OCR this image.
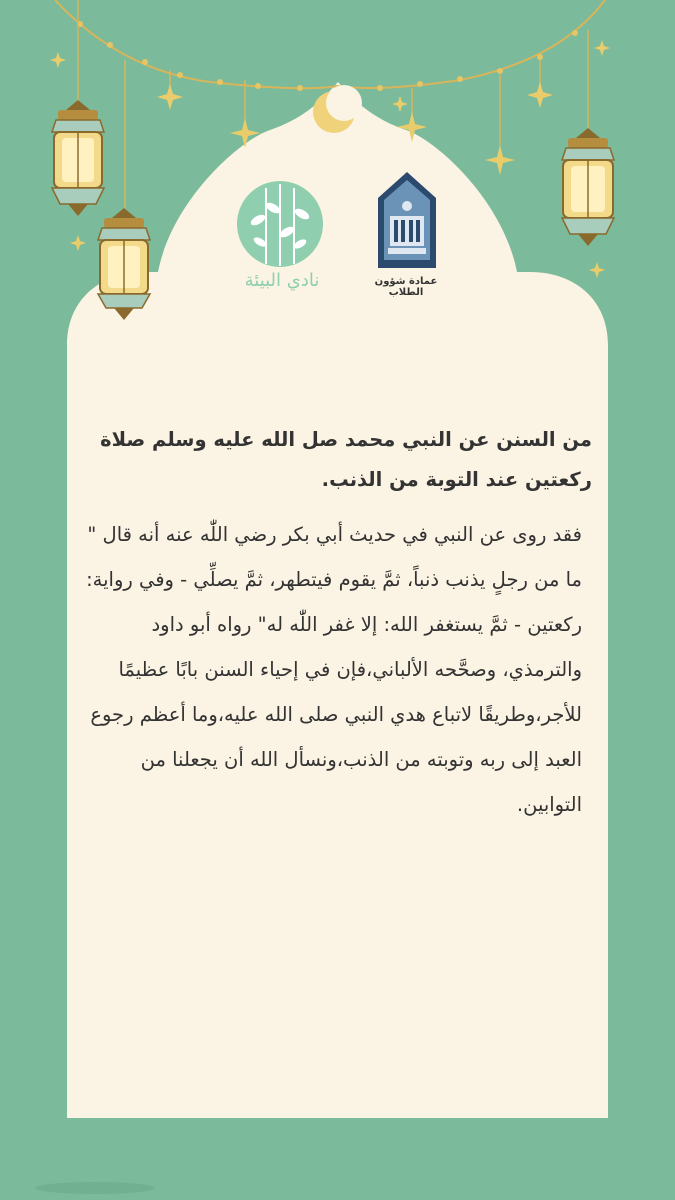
نادي البيئة	عمادة شؤون الطلاب

من السنن عن النبي محمد صل الله عليه وسلم صلاة ركعتين عند التوبة من الذنب.

فقد روى عن النبي في حديث أبي بكر رضي اللّٰه عنه أنه قال " ما من رجلٍ يذنب ذنباً، ثمَّ يقوم فيتطهر، ثمَّ يصلِّي - وفي رواية: ركعتين - ثمَّ يستغفر الله: إلا غفر اللّٰه له" رواه أبو داود والترمذي، وصحَّحه الألباني،فإن في إحياء السنن بابًا عظيمًا للأجر،وطريقًا لاتباع هدي النبي صلى الله عليه،وما أعظم رجوع العبد إلى ربه وتوبته من الذنب،ونسأل الله أن يجعلنا من التوابين.
